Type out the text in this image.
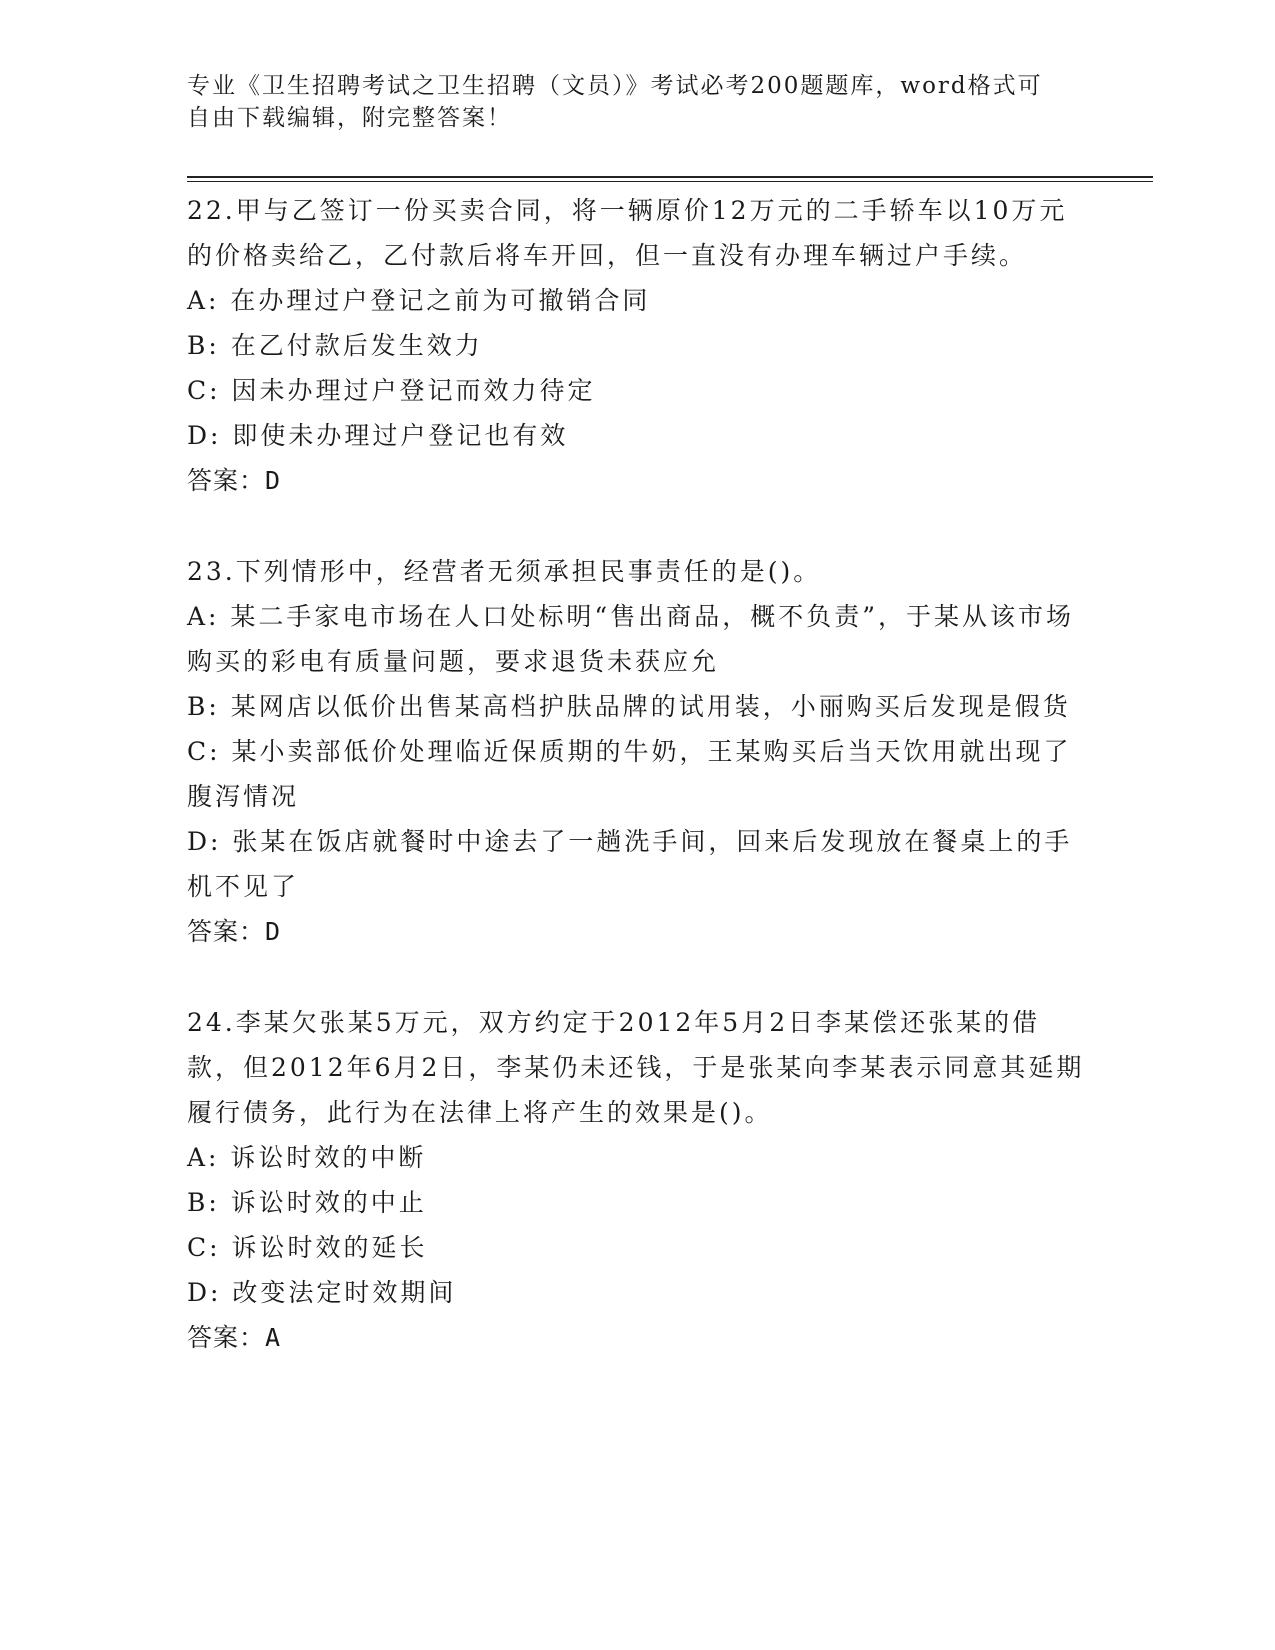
专业《卫生招聘考试之卫生招聘（文员）》考试必考200题题库，word格式可自由下载编辑，附完整答案！

22.甲与乙签订一份买卖合同，将一辆原价12万元的二手轿车以10万元的价格卖给乙，乙付款后将车开回，但一直没有办理车辆过户手续。

A: 在办理过户登记之前为可撤销合同

B: 在乙付款后发生效力

C: 因未办理过户登记而效力待定

D: 即使未办理过户登记也有效

答案：D

23.下列情形中，经营者无须承担民事责任的是()。

A: 某二手家电市场在人口处标明“售出商品，概不负责”，于某从该市场购买的彩电有质量问题，要求退货未获应允

B: 某网店以低价出售某高档护肤品牌的试用装，小丽购买后发现是假货

C: 某小卖部低价处理临近保质期的牛奶，王某购买后当天饮用就出现了腹泻情况

D: 张某在饭店就餐时中途去了一趟洗手间，回来后发现放在餐桌上的手机不见了

答案：D

24.李某欠张某5万元，双方约定于2012年5月2日李某偿还张某的借款，但2012年6月2日，李某仍未还钱，于是张某向李某表示同意其延期履行债务，此行为在法律上将产生的效果是()。

A: 诉讼时效的中断

B: 诉讼时效的中止

C: 诉讼时效的延长

D: 改变法定时效期间

答案：A
